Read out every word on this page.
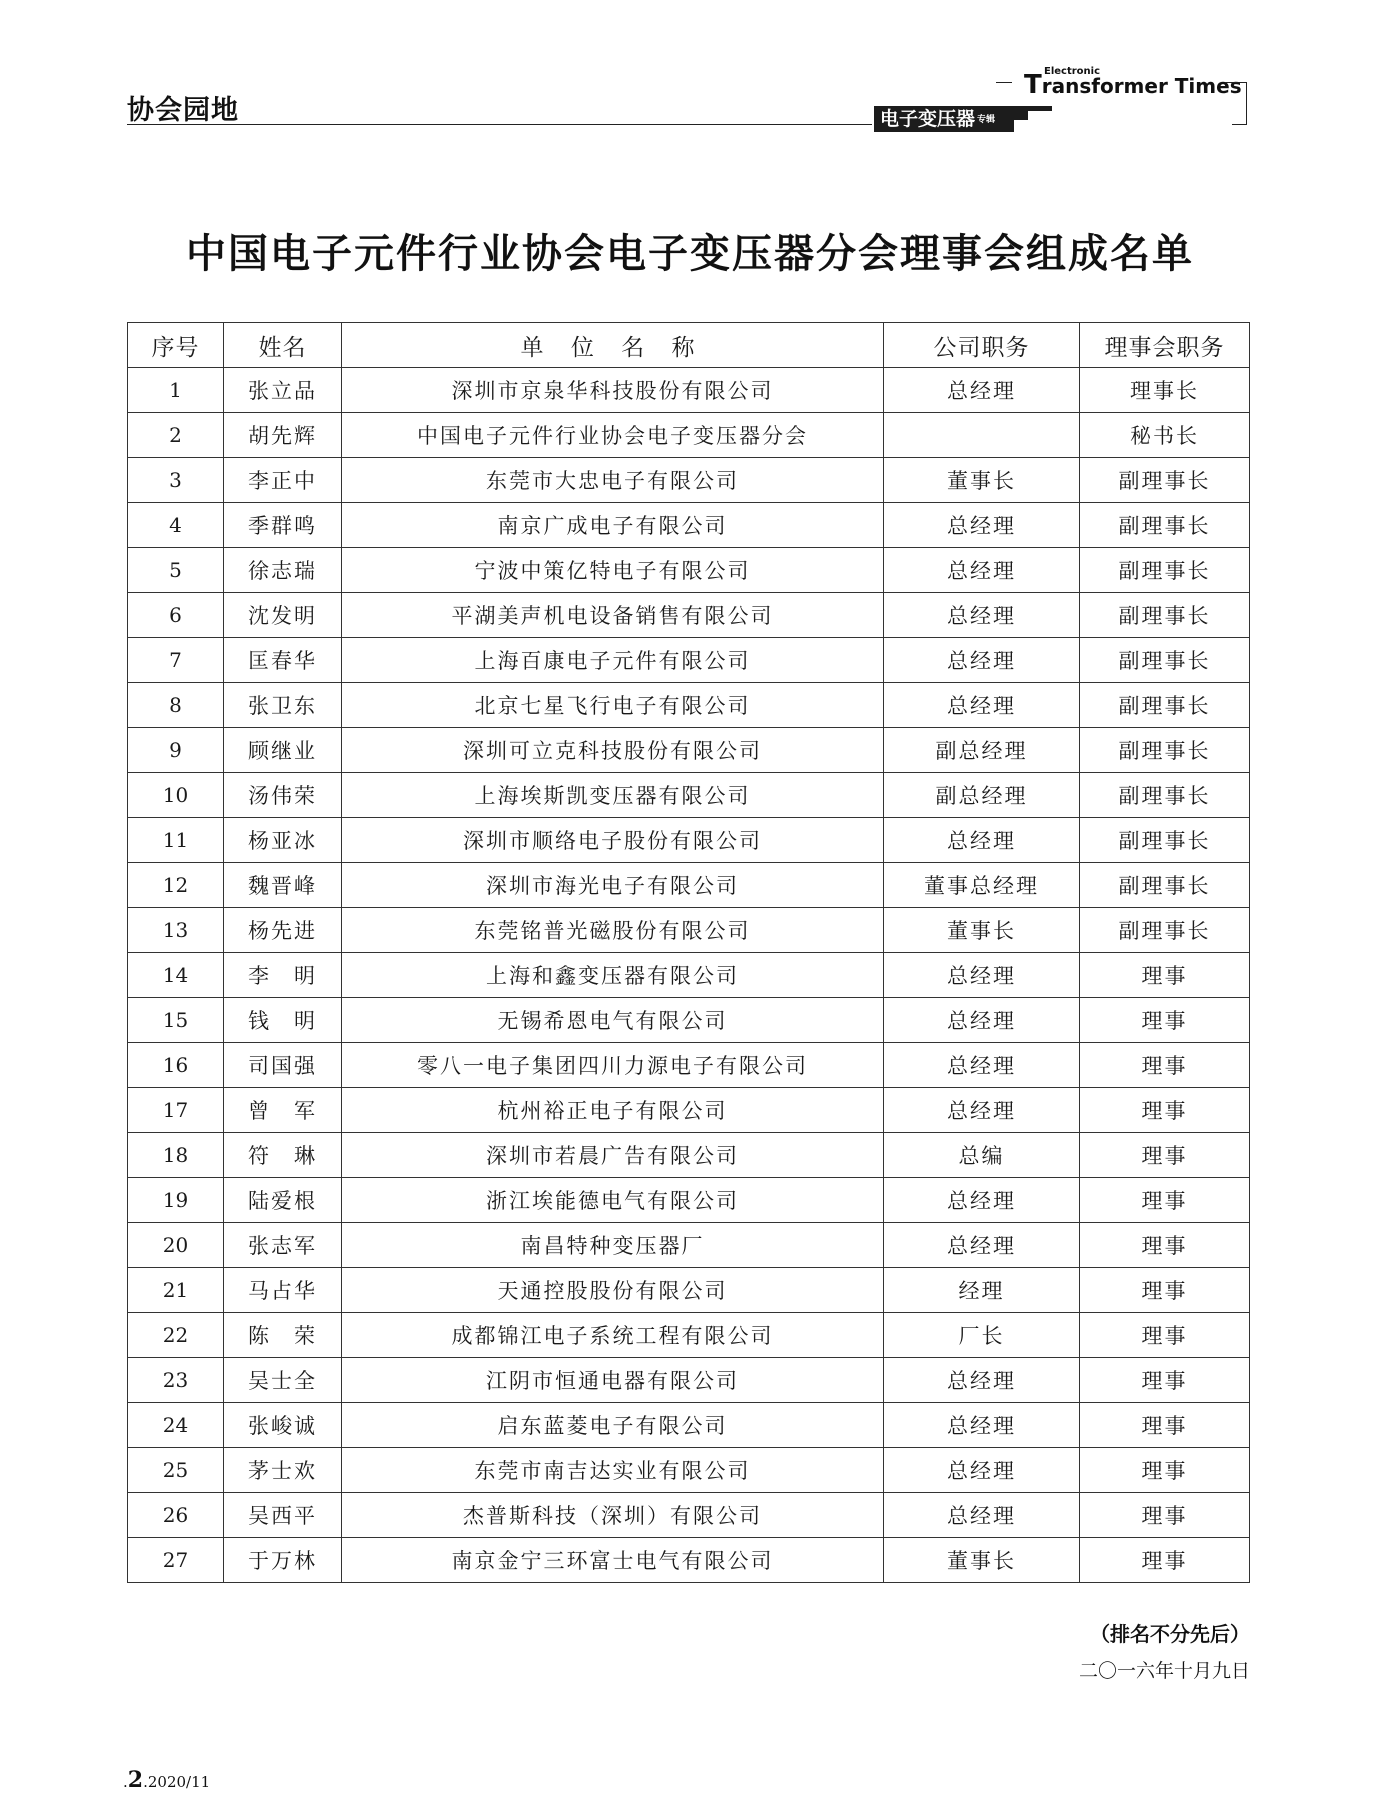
协会园地	电子变压器 专辑
Electronic
Transformer Times
中国电子元件行业协会电子变压器分会理事会组成名单
序号	姓名	单 位 名 称	公司职务	理事会职务
1	张立品	深圳市京泉华科技股份有限公司	总经理	理事长
2	胡先辉	中国电子元件行业协会电子变压器分会		秘书长
3	李正中	东莞市大忠电子有限公司	董事长	副理事长
4	季群鸣	南京广成电子有限公司	总经理	副理事长
5	徐志瑞	宁波中策亿特电子有限公司	总经理	副理事长
6	沈发明	平湖美声机电设备销售有限公司	总经理	副理事长
7	匡春华	上海百康电子元件有限公司	总经理	副理事长
8	张卫东	北京七星飞行电子有限公司	总经理	副理事长
9	顾继业	深圳可立克科技股份有限公司	副总经理	副理事长
10	汤伟荣	上海埃斯凯变压器有限公司	副总经理	副理事长
11	杨亚冰	深圳市顺络电子股份有限公司	总经理	副理事长
12	魏晋峰	深圳市海光电子有限公司	董事总经理	副理事长
13	杨先进	东莞铭普光磁股份有限公司	董事长	副理事长
14	李　明	上海和鑫变压器有限公司	总经理	理事
15	钱　明	无锡希恩电气有限公司	总经理	理事
16	司国强	零八一电子集团四川力源电子有限公司	总经理	理事
17	曾　军	杭州裕正电子有限公司	总经理	理事
18	符　琳	深圳市若晨广告有限公司	总编	理事
19	陆爱根	浙江埃能德电气有限公司	总经理	理事
20	张志军	南昌特种变压器厂	总经理	理事
21	马占华	天通控股股份有限公司	经理	理事
22	陈　荣	成都锦江电子系统工程有限公司	厂长	理事
23	吴士全	江阴市恒通电器有限公司	总经理	理事
24	张峻诚	启东蓝菱电子有限公司	总经理	理事
25	茅士欢	东莞市南吉达实业有限公司	总经理	理事
26	吴西平	杰普斯科技（深圳）有限公司	总经理	理事
27	于万林	南京金宁三环富士电气有限公司	董事长	理事
（排名不分先后）
二〇一六年十月九日
.2.2020/11
